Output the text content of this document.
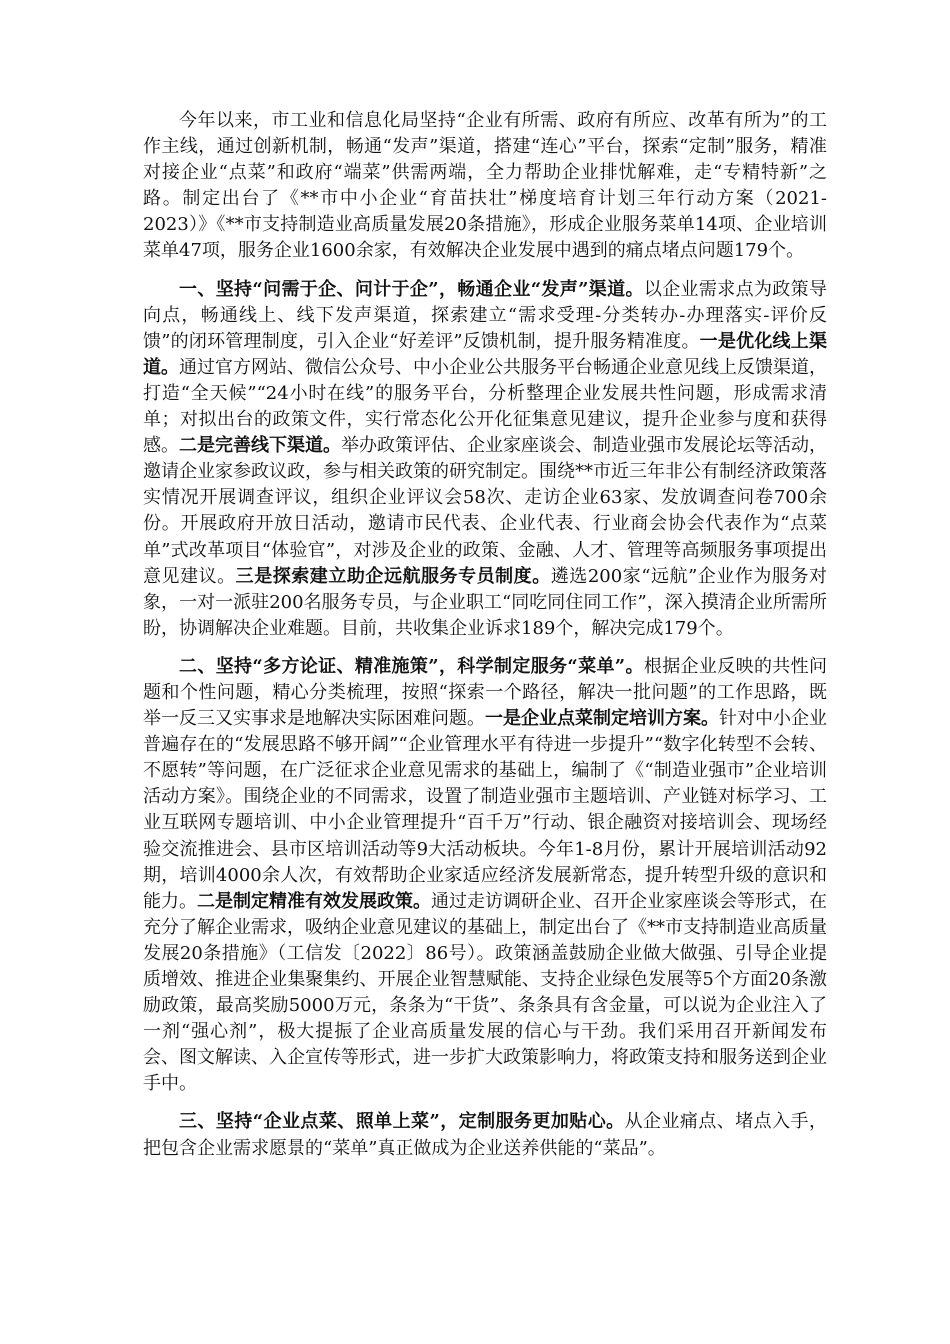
今年以来，市工业和信息化局坚持“企业有所需、政府有所应、改革有所为”的工作主线，通过创新机制，畅通“发声”渠道，搭建“连心”平台，探索“定制”服务，精准对接企业“点菜”和政府“端菜”供需两端，全力帮助企业排忧解难，走“专精特新”之路。制定出台了《**市中小企业“育苗扶壮”梯度培育计划三年行动方案（2021-2023）》《**市支持制造业高质量发展20条措施》，形成企业服务菜单14项、企业培训菜单47项，服务企业1600余家，有效解决企业发展中遇到的痛点堵点问题179个。

一、坚持“问需于企、问计于企”，畅通企业“发声”渠道。以企业需求点为政策导向点，畅通线上、线下发声渠道，探索建立“需求受理-分类转办-办理落实-评价反馈”的闭环管理制度，引入企业“好差评”反馈机制，提升服务精准度。一是优化线上渠道。通过官方网站、微信公众号、中小企业公共服务平台畅通企业意见线上反馈渠道，打造“全天候”“24小时在线”的服务平台，分析整理企业发展共性问题，形成需求清单；对拟出台的政策文件，实行常态化公开化征集意见建议，提升企业参与度和获得感。二是完善线下渠道。举办政策评估、企业家座谈会、制造业强市发展论坛等活动，邀请企业家参政议政，参与相关政策的研究制定。围绕**市近三年非公有制经济政策落实情况开展调查评议，组织企业评议会58次、走访企业63家、发放调查问卷700余份。开展政府开放日活动，邀请市民代表、企业代表、行业商会协会代表作为“点菜单”式改革项目“体验官”，对涉及企业的政策、金融、人才、管理等高频服务事项提出意见建议。三是探索建立助企远航服务专员制度。遴选200家“远航”企业作为服务对象，一对一派驻200名服务专员，与企业职工“同吃同住同工作”，深入摸清企业所需所盼，协调解决企业难题。目前，共收集企业诉求189个，解决完成179个。

二、坚持“多方论证、精准施策”，科学制定服务“菜单”。根据企业反映的共性问题和个性问题，精心分类梳理，按照“探索一个路径，解决一批问题”的工作思路，既举一反三又实事求是地解决实际困难问题。一是企业点菜制定培训方案。针对中小企业普遍存在的“发展思路不够开阔”“企业管理水平有待进一步提升”“数字化转型不会转、不愿转”等问题，在广泛征求企业意见需求的基础上，编制了《“制造业强市”企业培训活动方案》。围绕企业的不同需求，设置了制造业强市主题培训、产业链对标学习、工业互联网专题培训、中小企业管理提升“百千万”行动、银企融资对接培训会、现场经验交流推进会、县市区培训活动等9大活动板块。今年1-8月份，累计开展培训活动92期，培训4000余人次，有效帮助企业家适应经济发展新常态，提升转型升级的意识和能力。二是制定精准有效发展政策。通过走访调研企业、召开企业家座谈会等形式，在充分了解企业需求，吸纳企业意见建议的基础上，制定出台了《**市支持制造业高质量发展20条措施》（工信发〔2022〕86号）。政策涵盖鼓励企业做大做强、引导企业提质增效、推进企业集聚集约、开展企业智慧赋能、支持企业绿色发展等5个方面20条激励政策，最高奖励5000万元，条条为“干货”、条条具有含金量，可以说为企业注入了一剂“强心剂”，极大提振了企业高质量发展的信心与干劲。我们采用召开新闻发布会、图文解读、入企宣传等形式，进一步扩大政策影响力，将政策支持和服务送到企业手中。

三、坚持“企业点菜、照单上菜”，定制服务更加贴心。从企业痛点、堵点入手，把包含企业需求愿景的“菜单”真正做成为企业送养供能的“菜品”。
